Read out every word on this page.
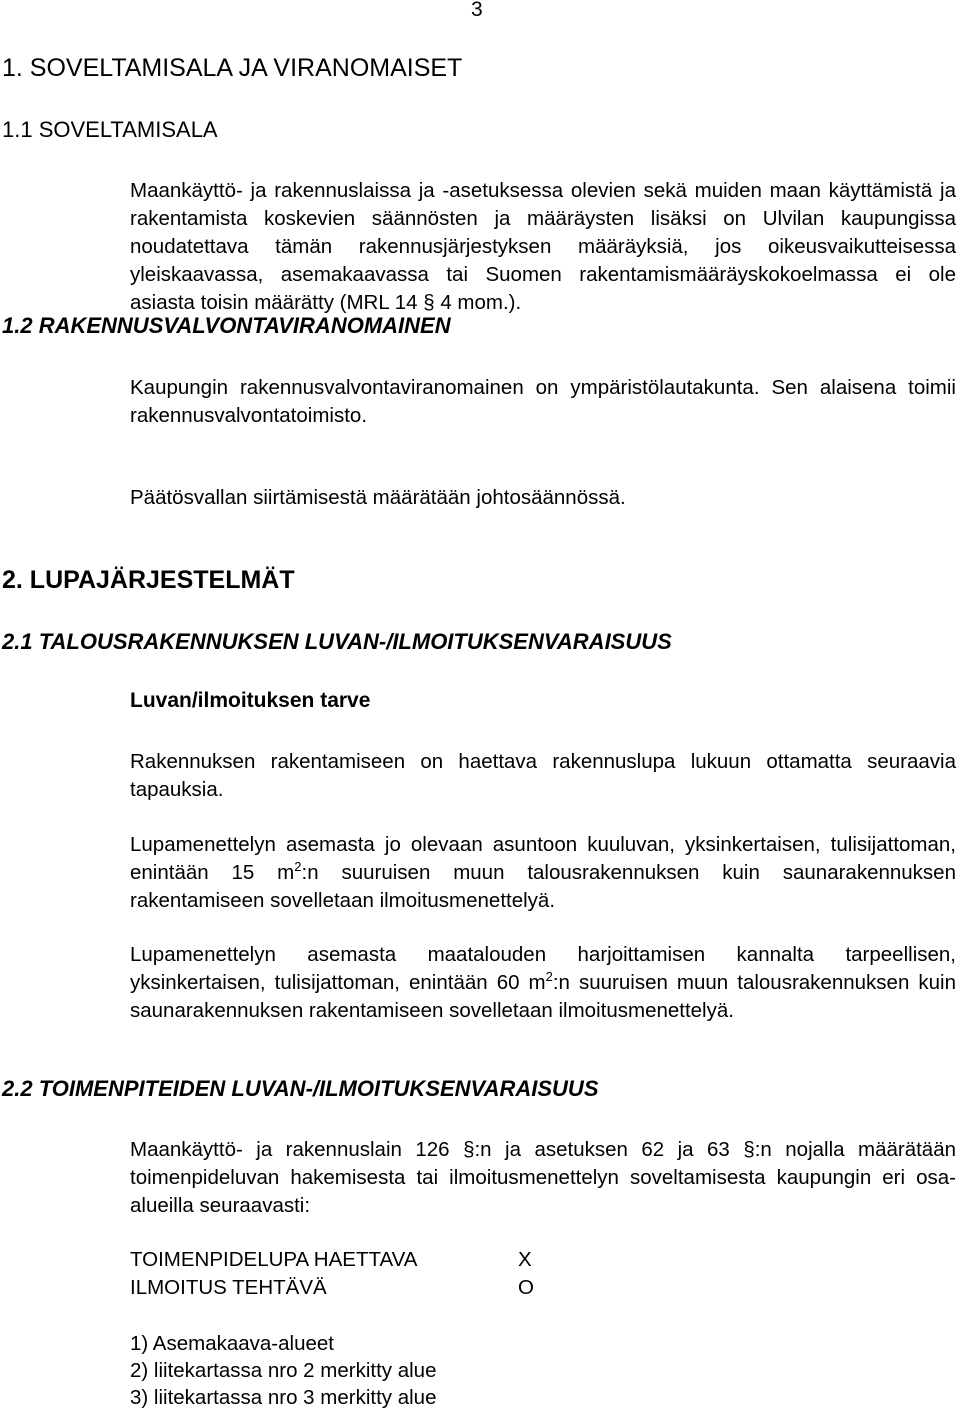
3
1. SOVELTAMISALA JA VIRANOMAISET
1.1 SOVELTAMISALA

Maankäyttö- ja rakennuslaissa ja -asetuksessa olevien sekä muiden maan käyttämistä ja rakentamista koskevien säännösten ja määräysten lisäksi on Ulvilan kaupungissa noudatettava tämän rakennusjärjestyksen määräyksiä, jos oikeusvaikutteisessa yleiskaavassa, asemakaavassa tai Suomen rakentamismääräyskokoelmassa ei ole asiasta toisin määrätty (MRL 14 § 4 mom.).

1.2 RAKENNUSVALVONTAVIRANOMAINEN

Kaupungin rakennusvalvontaviranomainen on ympäristölautakunta. Sen alaisena toimii rakennusvalvontatoimisto.

Päätösvallan siirtämisestä määrätään johtosäännössä.

2. LUPAJÄRJESTELMÄT
2.1 TALOUSRAKENNUKSEN LUVAN-/ILMOITUKSENVARAISUUS
Luvan/ilmoituksen tarve

Rakennuksen rakentamiseen on haettava rakennuslupa lukuun ottamatta seuraavia tapauksia.

Lupamenettelyn asemasta jo olevaan asuntoon kuuluvan, yksinkertaisen, tulisijattoman, enintään 15 $m^2:n$ suuruisen muun talousrakennuksen kuin saunarakennuksen rakentamiseen sovelletaan ilmoitusmenettelyä.

Lupamenettelyn asemasta maatalouden harjoittamisen kannalta tarpeellisen, yksinkertaisen, tulisijattoman, enintään 60 $m^2:n$ suuruisen muun talousrakennuksen kuin saunarakennuksen rakentamiseen sovelletaan ilmoitusmenettelyä.

2.2 TOIMENPITEIDEN LUVAN-/ILMOITUKSENVARAISUUS

Maankäyttö- ja rakennuslain 126 §:n ja asetuksen 62 ja 63 §:n nojalla määrätään toimenpideluvan hakemisesta tai ilmoitusmenettelyn soveltamisesta kaupungin eri osa-alueilla seuraavasti:

TOIMENPIDELUPA HAETTAVA	X
ILMOITUS TEHTÄVÄ	O

1) Asemakaava-alueet

2) liitekartassa nro 2 merkitty alue

3) liitekartassa nro 3 merkitty alue
